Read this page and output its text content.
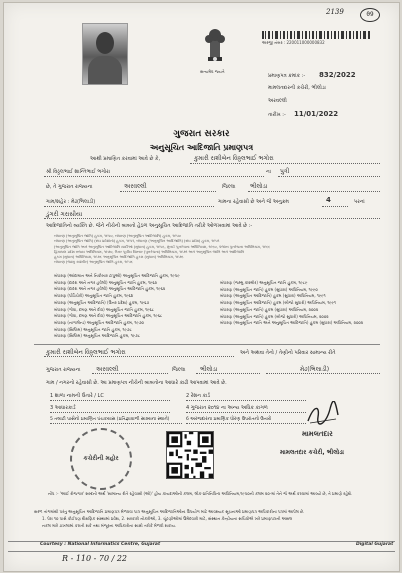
2139	09
સત્યમેવ જયતે
અરજી નંબર : 220011000000832
પ્રમાણપત્ર ક્રમાંક :- 832/2022
મામલતદારની કચેરી, ભીલોડા
અરવલ્લી
તારીખ :- 11/01/2022
ગુજરાત સરકાર
અનુસૂચિત આદિજાતિ પ્રમાણપત્ર
આથી પ્રમાણિત કરવામાં આવે છે કે,	કુમારી રાશીબેન વિઠ્ઠલભાઈ ભગોરા
શ્રી વિઠ્ઠલભાઈ શાન્તિભાઈ ભગોરા	ના પુત્રી
છે, તે ગુજરાત રાજ્યના	અરવલ્લી	જિલ્લા ભીલોડા
ગામ/શહેર : મેઢ(ભિલાડી)	ગામના રહેવાસી છે અને જે અનુક્રમ	4	પરનાં
ડુંગરી ગરાસીયા
આદિજાતિનો વ્યક્તિ છે. જેને નીચેની બાબતો હેઠળ અનુસૂચિત આદિજાતિ તરીકે ઓળખવામાં આવે છે :-
બંધારણ (અનુસૂચિત જાતિ) હુકમ, ૧૯૫૦, બંધારણ (અનુસૂચિત આદિજાતિ) હુકમ, ૧૯૫૦
બંધારણ (અનુસૂચિત જાતિ) (સંઘ પ્રદેશોનો) હુકમ, ૧૯૫૧, બંધારણ (અનુસૂચિત આદિજાતિ) (સંઘ પ્રદેશ) હુકમ, ૧૯૫૧
(અનુસૂચિત જાતિ અને અનુસૂચિત આદિજાતિ યાદીઓ (સુધારા) હુકમ, ૧૯૫૬, મુંબઈ પુનર્રચના અધિનિયમ, ૧૯૬૦, પંજાબ પુનર્રચના અધિનિયમ, ૧૯૬૬
હિમાચલ પ્રદેશ રાજ્ય અધિનિયમ, ૧૯૭૦, ઉત્તર પૂર્વીય વિસ્તાર (પુનર્રચના) અધિનિયમ, ૧૯૭૧ અને અનુસૂચિત જાતિ અને આદિજાતિ
હુકમ (સુધારા) અધિનિયમ, ૧૯૭૬ અનુસૂચિત આદિજાતિ હુકમ (સુધારા) અધિનિયમ, ૧૯૭૬
બંધારણ (જમ્મુ કાશ્મીર) અનુસૂચિત જાતિ હુકમ, ૧૯૫૬
બંધારણ (આંદામાન અને નિકોબાર ટાપુઓ) અનુસૂચિત આદિજાતિ હુકમ, ૧૯૫૯
બંધારણ (દાદરા અને નગર હવેલી) અનુસૂચિત જાતિ હુકમ, ૧૯૬૨
બંધારણ (દાદરા અને નગર હવેલી) અનુસૂચિત આદિજાતિ હુકમ, ૧૯૬૨
બંધારણ (પોંડિચેરી) અનુસૂચિત જાતિ હુકમ, ૧૯૬૪
બંધારણ (અનુસૂચિત આદિજાતિ) (ઉત્તર પ્રદેશ) હુકમ, ૧૯૬૭
બંધારણ (ગોવા, દમણ અને દીવ) અનુસૂચિત જાતિ હુકમ, ૧૯૬૮
બંધારણ (ગોવા, દમણ અને દીવ) અનુસૂચિત આદિજાતિ હુકમ, ૧૯૬૮
બંધારણ (નાગાલેન્ડ) અનુસૂચિત આદિજાતિ હુકમ, ૧૯૭૦
બંધારણ (સિક્કિમ) અનુસૂચિત જાતિ હુકમ, ૧૯૭૮
બંધારણ (સિક્કિમ) અનુસૂચિત આદિજાતિ હુકમ, ૧૯૭૮
બંધારણ (જમ્મુ કાશ્મીર) અનુસૂચિત જાતિ હુકમ, ૧૯૮૯
બંધારણ (અનુસૂચિત જાતિ) હુકમ (સુધારા) અધિનિયમ, ૧૯૯૦
બંધારણ (અનુસૂચિત આદિજાતિ) હુકમ (સુધારા) અધિનિયમ, ૧૯૯૧
બંધારણ (અનુસૂચિત આદિજાતિ) હુકમ (બીજો સુધારો) અધિનિયમ, ૧૯૯૧
બંધારણ (અનુસૂચિત જાતિ) હુકમ (સુધારા) અધિનિયમ, ૨૦૦૨
બંધારણ (અનુસૂચિત જાતિ) હુકમ (બીજો સુધારો) અધિનિયમ, ૨૦૦૨
બંધારણ (અનુસૂચિત જાતિ અને અનુસૂચિત આદિજાતિ) હુકમ (સુધારા) અધિનિયમ, ૨૦૦૨
કુમારી રાશીબેન વિઠ્ઠલભાઈ ભગોરા	અને અથવા તેનો / તેણીનો પરિવાર સામાન્ય રીતે
ગુજરાત રાજ્યના	અરવલ્લી	જિલ્લા ભીલોડા	મેઢ(ભિલાડી)
ગામ / નગરનો રહેવાસી છે. આ પ્રમાણપત્ર નીચેની બાબતોના આધારે કાઢી આપવામાં આવે છે.
1 શાળા નામની ઉતારે / LC	2 રેશન કાર્ડ
3 આધારકાર્ડ	4 ગુજરાત ૨૦૧૪ ના અન્ય અધિક કાગળ
5 તલાટી પાસેનો પ્રમાણિત પંચકયાસ (પ્રતિજ્ઞાવાળી સાક્ષ્યના સ્થાને)	6 અરજદારના પ્રમાણિક ધોરણ ઉપરાંતનો ઉતારો
મામલતદાર
મામલતદાર કચેરી, ભીલોડા
કચેરીની મહોર
નોંધ :- 'આઈ રોજગાર' શબ્દનો અર્થ 'સામાન્ય રીતે રહેવાસી (ઓ)' હોય કાયદાઓની કલમ, લોક-પ્રતિનિધિત્વ અધિનિયમ,૧૯૫૦ની કલમ ૨૦-માં તેને જે અર્થ કરવામાં આવ્યો છે, તે પ્રમાણે રહેશે.
સરળ તાંગમાંથી પરંતુ અનુસૂચિત આદિજાતિ પ્રમાણપત્ર મેળવવા પાત્ર અનુસૂચિત આદિજાતિઓના ઉપયોગ માટે આવશ્યક સૂચનાઓ પ્રમાણપત્ર અધિકારીના પત્રમાં આપેલ છે.
1. પેરા ૧૦ પાસે કોઈપણ શૈક્ષણિક સંસ્થામાં પ્રવેશ, 2. સરકારી નોકરીઓ, 3. ચૂંટણીઓમાં ઉમેદવારી માટે, સંસ્થાન કેન્દ્રીયના સચિવોએ ખરે પ્રમાણપત્રની અસલ
નકલ મારે ડાખલામાં કરાતી શકે તથા મંજૂરના અધિકારોના સાક્ષી તરીકે મેળવી શકાય.
Courtesy : National Informatics Centre, Gujarat	Digital Gujarat
R - 110 - 70 / 22
